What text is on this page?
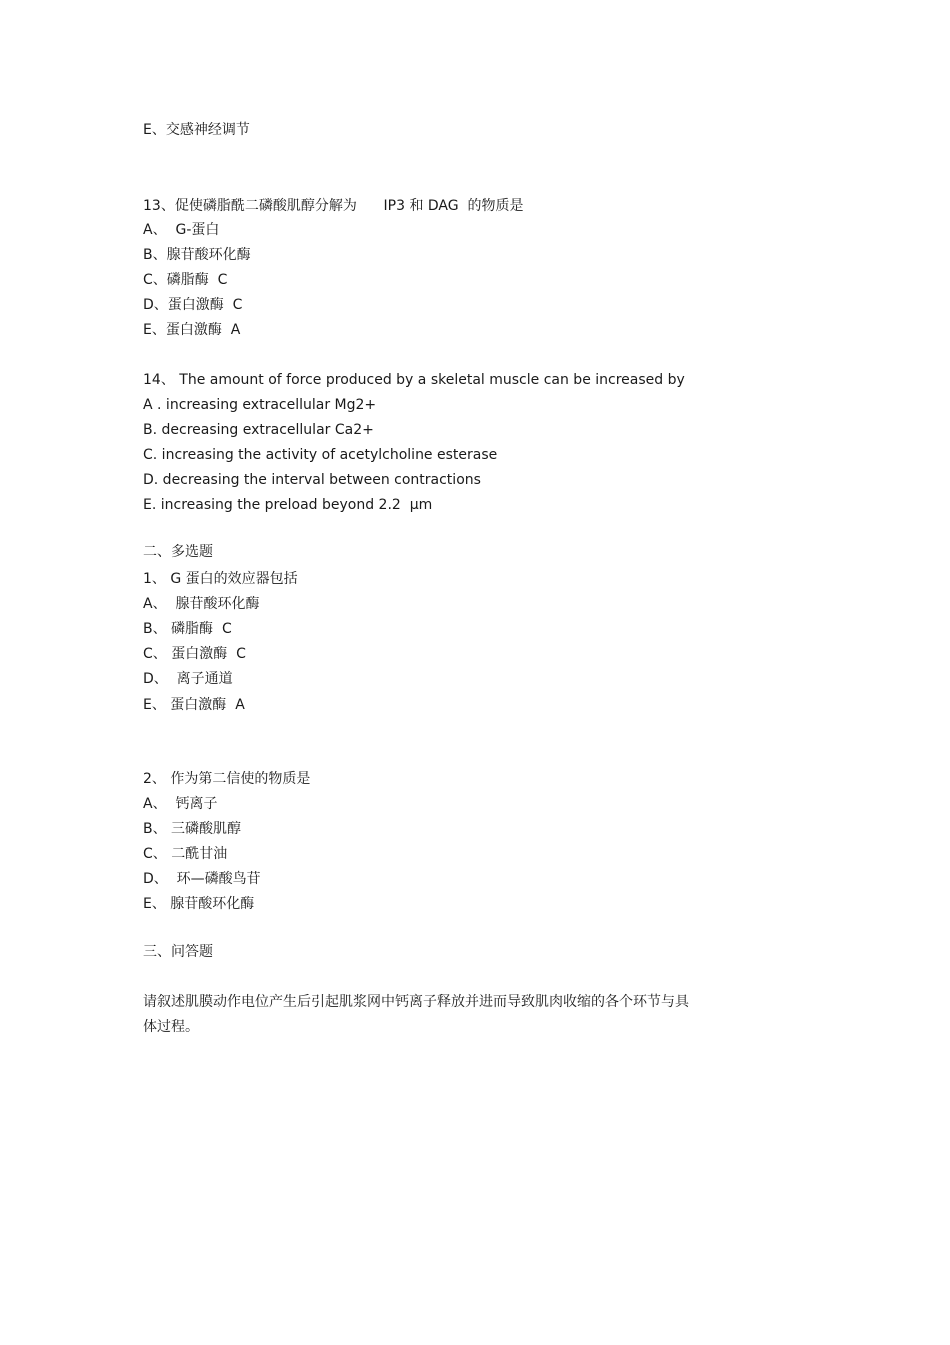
E、交感神经调节
13、促使磷脂酰二磷酸肌醇分解为      IP3 和 DAG  的物质是
A、  G-蛋白
B、腺苷酸环化酶
C、磷脂酶  C
D、蛋白激酶  C
E、蛋白激酶  A
14、 The amount of force produced by a skeletal muscle can be increased by
A . increasing extracellular Mg2+
B. decreasing extracellular Ca2+
C. increasing the activity of acetylcholine esterase
D. decreasing the interval between contractions
E. increasing the preload beyond 2.2  µm
二、多选题
1、 G 蛋白的效应器包括
A、  腺苷酸环化酶
B、 磷脂酶  C
C、 蛋白激酶  C
D、  离子通道
E、 蛋白激酶  A
2、 作为第二信使的物质是
A、  钙离子
B、 三磷酸肌醇
C、 二酰甘油
D、  环—磷酸鸟苷
E、 腺苷酸环化酶
三、问答题
请叙述肌膜动作电位产生后引起肌浆网中钙离子释放并进而导致肌肉收缩的各个环节与具
体过程。
